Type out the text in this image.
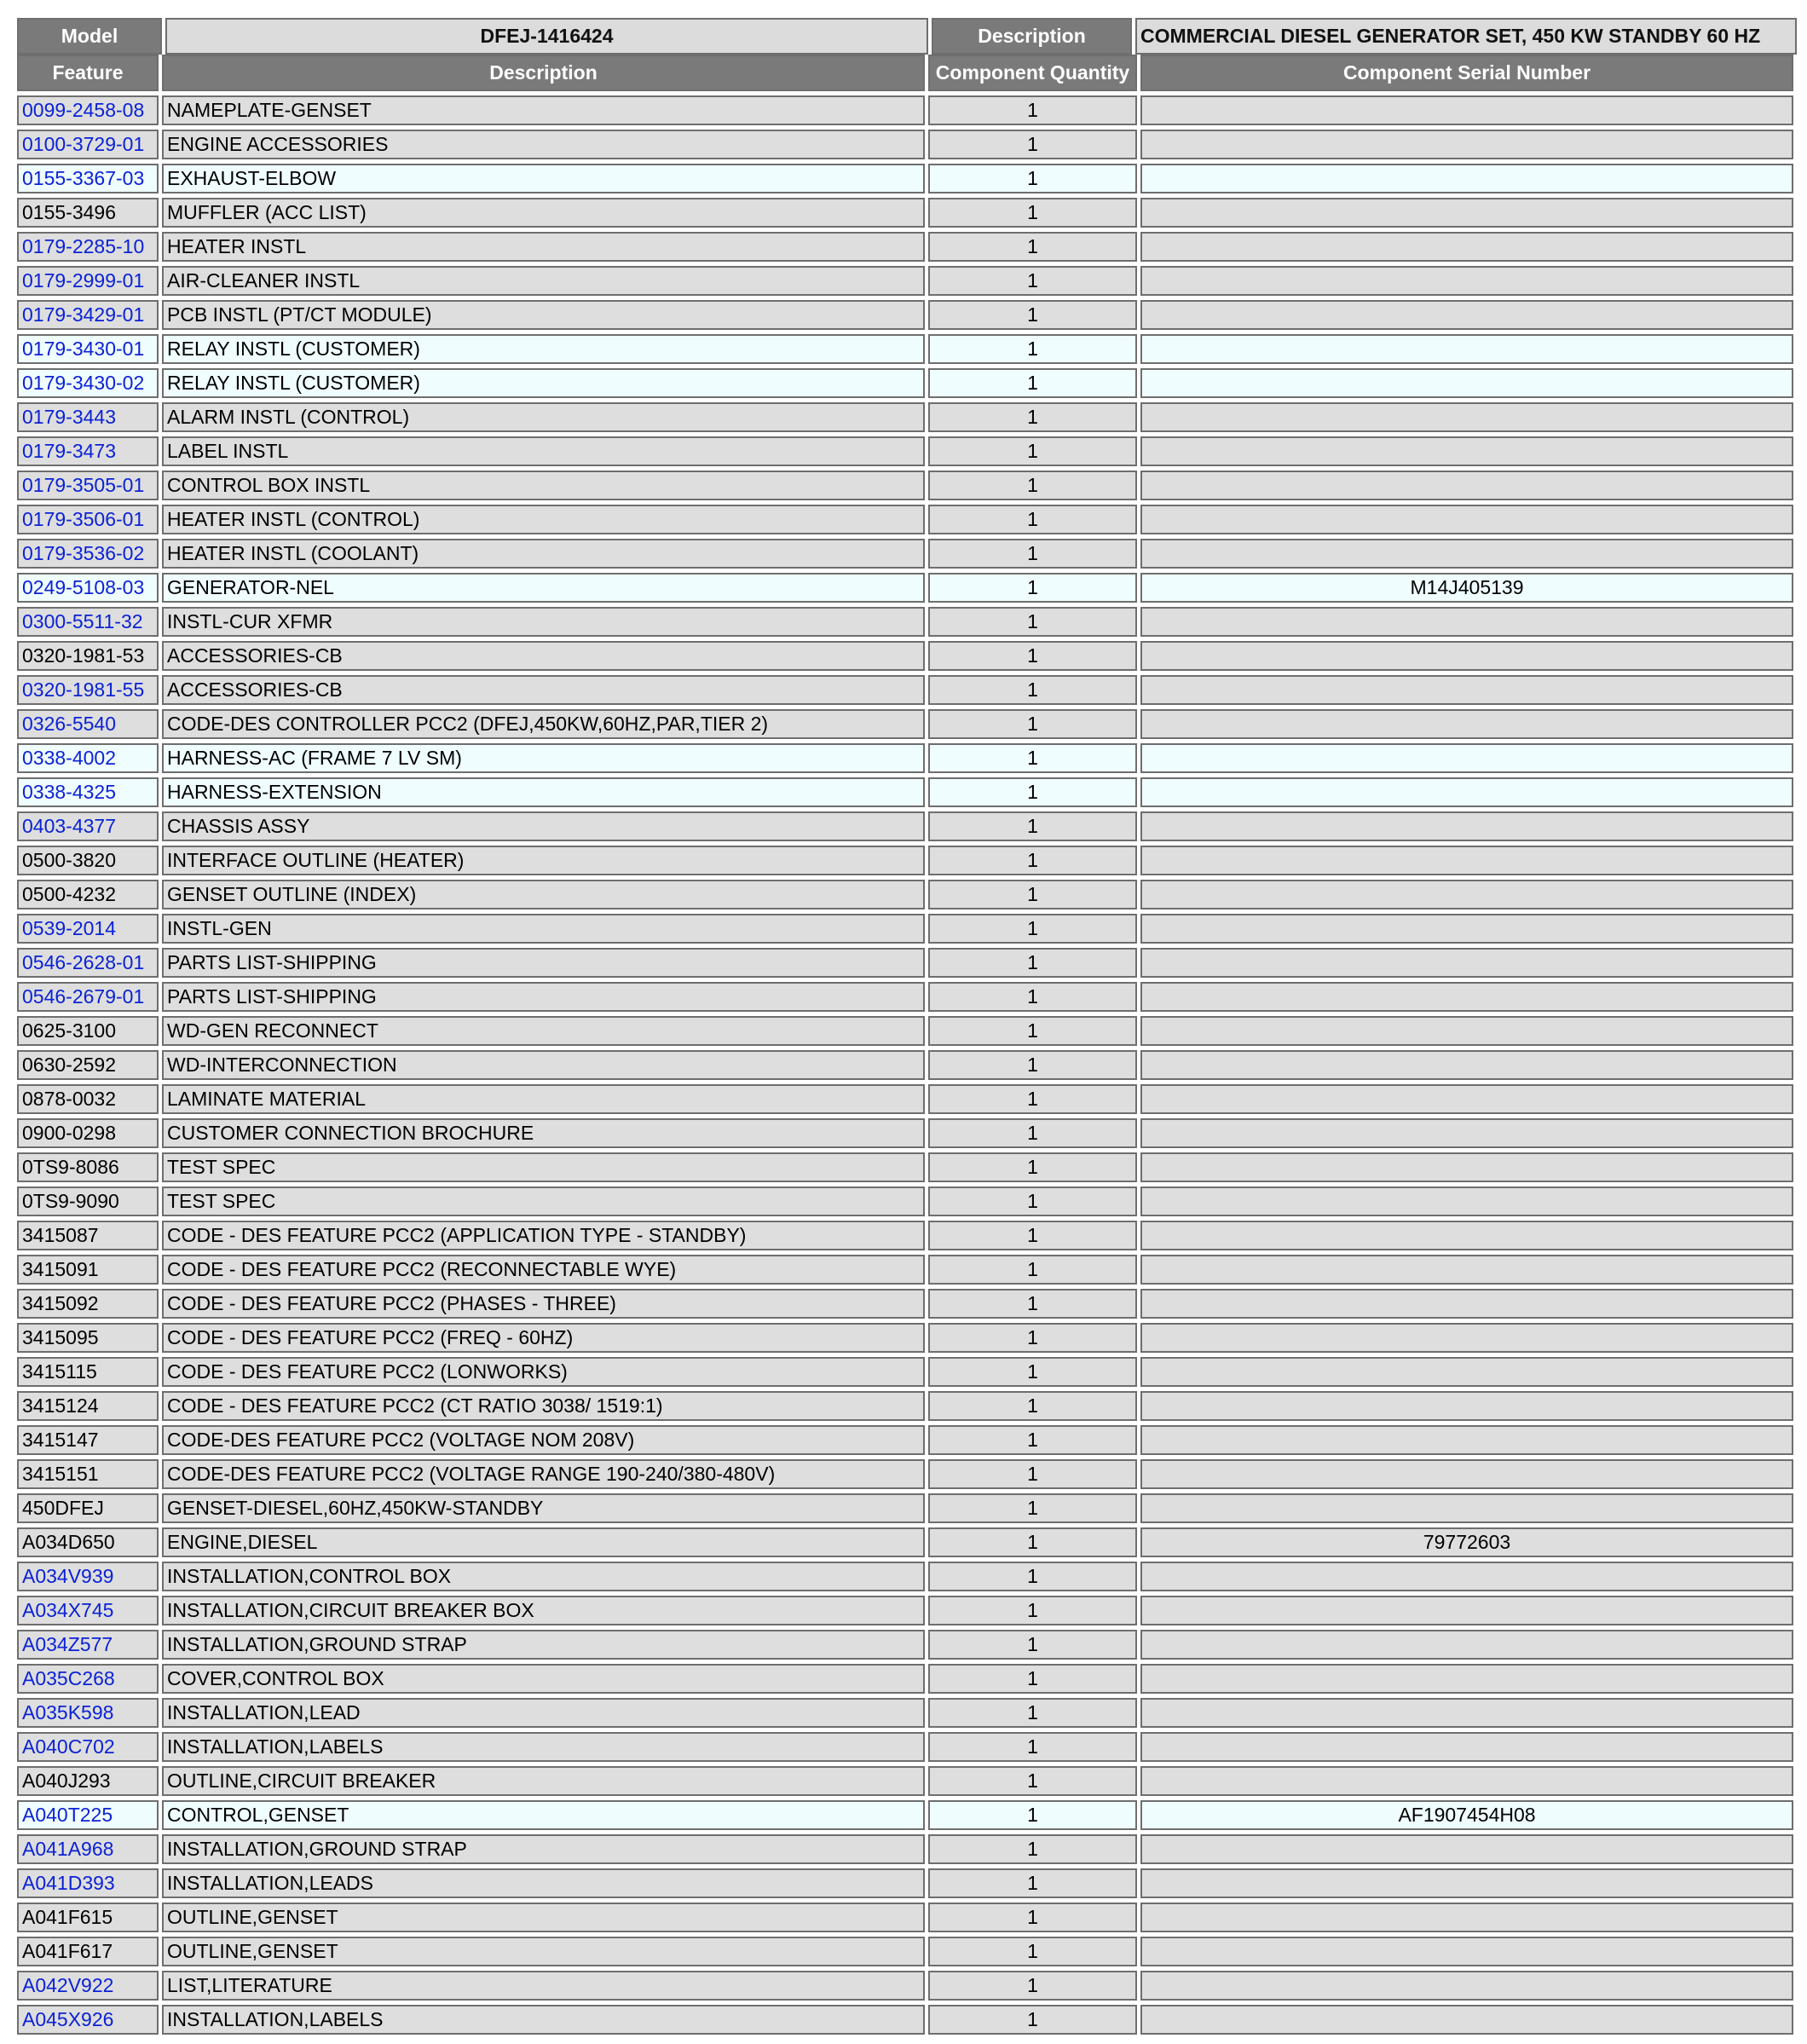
Model	DFEJ-1416424	Description	COMMERCIAL DIESEL GENERATOR SET, 450 KW STANDBY 60 HZ
Feature	Description	Component Quantity	Component Serial Number
0099-2458-08	NAMEPLATE-GENSET	1	
0100-3729-01	ENGINE ACCESSORIES	1	
0155-3367-03	EXHAUST-ELBOW	1	
0155-3496	MUFFLER (ACC LIST)	1	
0179-2285-10	HEATER INSTL	1	
0179-2999-01	AIR-CLEANER INSTL	1	
0179-3429-01	PCB INSTL (PT/CT MODULE)	1	
0179-3430-01	RELAY INSTL (CUSTOMER)	1	
0179-3430-02	RELAY INSTL (CUSTOMER)	1	
0179-3443	ALARM INSTL (CONTROL)	1	
0179-3473	LABEL INSTL	1	
0179-3505-01	CONTROL BOX INSTL	1	
0179-3506-01	HEATER INSTL (CONTROL)	1	
0179-3536-02	HEATER INSTL (COOLANT)	1	
0249-5108-03	GENERATOR-NEL	1	M14J405139
0300-5511-32	INSTL-CUR XFMR	1	
0320-1981-53	ACCESSORIES-CB	1	
0320-1981-55	ACCESSORIES-CB	1	
0326-5540	CODE-DES CONTROLLER PCC2 (DFEJ,450KW,60HZ,PAR,TIER 2)	1	
0338-4002	HARNESS-AC (FRAME 7 LV SM)	1	
0338-4325	HARNESS-EXTENSION	1	
0403-4377	CHASSIS ASSY	1	
0500-3820	INTERFACE OUTLINE (HEATER)	1	
0500-4232	GENSET OUTLINE (INDEX)	1	
0539-2014	INSTL-GEN	1	
0546-2628-01	PARTS LIST-SHIPPING	1	
0546-2679-01	PARTS LIST-SHIPPING	1	
0625-3100	WD-GEN RECONNECT	1	
0630-2592	WD-INTERCONNECTION	1	
0878-0032	LAMINATE MATERIAL	1	
0900-0298	CUSTOMER CONNECTION BROCHURE	1	
0TS9-8086	TEST SPEC	1	
0TS9-9090	TEST SPEC	1	
3415087	CODE - DES FEATURE PCC2 (APPLICATION TYPE - STANDBY)	1	
3415091	CODE - DES FEATURE PCC2 (RECONNECTABLE WYE)	1	
3415092	CODE - DES FEATURE PCC2 (PHASES - THREE)	1	
3415095	CODE - DES FEATURE PCC2 (FREQ - 60HZ)	1	
3415115	CODE - DES FEATURE PCC2 (LONWORKS)	1	
3415124	CODE - DES FEATURE PCC2 (CT RATIO 3038/ 1519:1)	1	
3415147	CODE-DES FEATURE PCC2 (VOLTAGE NOM 208V)	1	
3415151	CODE-DES FEATURE PCC2 (VOLTAGE RANGE 190-240/380-480V)	1	
450DFEJ	GENSET-DIESEL,60HZ,450KW-STANDBY	1	
A034D650	ENGINE,DIESEL	1	79772603
A034V939	INSTALLATION,CONTROL BOX	1	
A034X745	INSTALLATION,CIRCUIT BREAKER BOX	1	
A034Z577	INSTALLATION,GROUND STRAP	1	
A035C268	COVER,CONTROL BOX	1	
A035K598	INSTALLATION,LEAD	1	
A040C702	INSTALLATION,LABELS	1	
A040J293	OUTLINE,CIRCUIT BREAKER	1	
A040T225	CONTROL,GENSET	1	AF1907454H08
A041A968	INSTALLATION,GROUND STRAP	1	
A041D393	INSTALLATION,LEADS	1	
A041F615	OUTLINE,GENSET	1	
A041F617	OUTLINE,GENSET	1	
A042V922	LIST,LITERATURE	1	
A045X926	INSTALLATION,LABELS	1	
